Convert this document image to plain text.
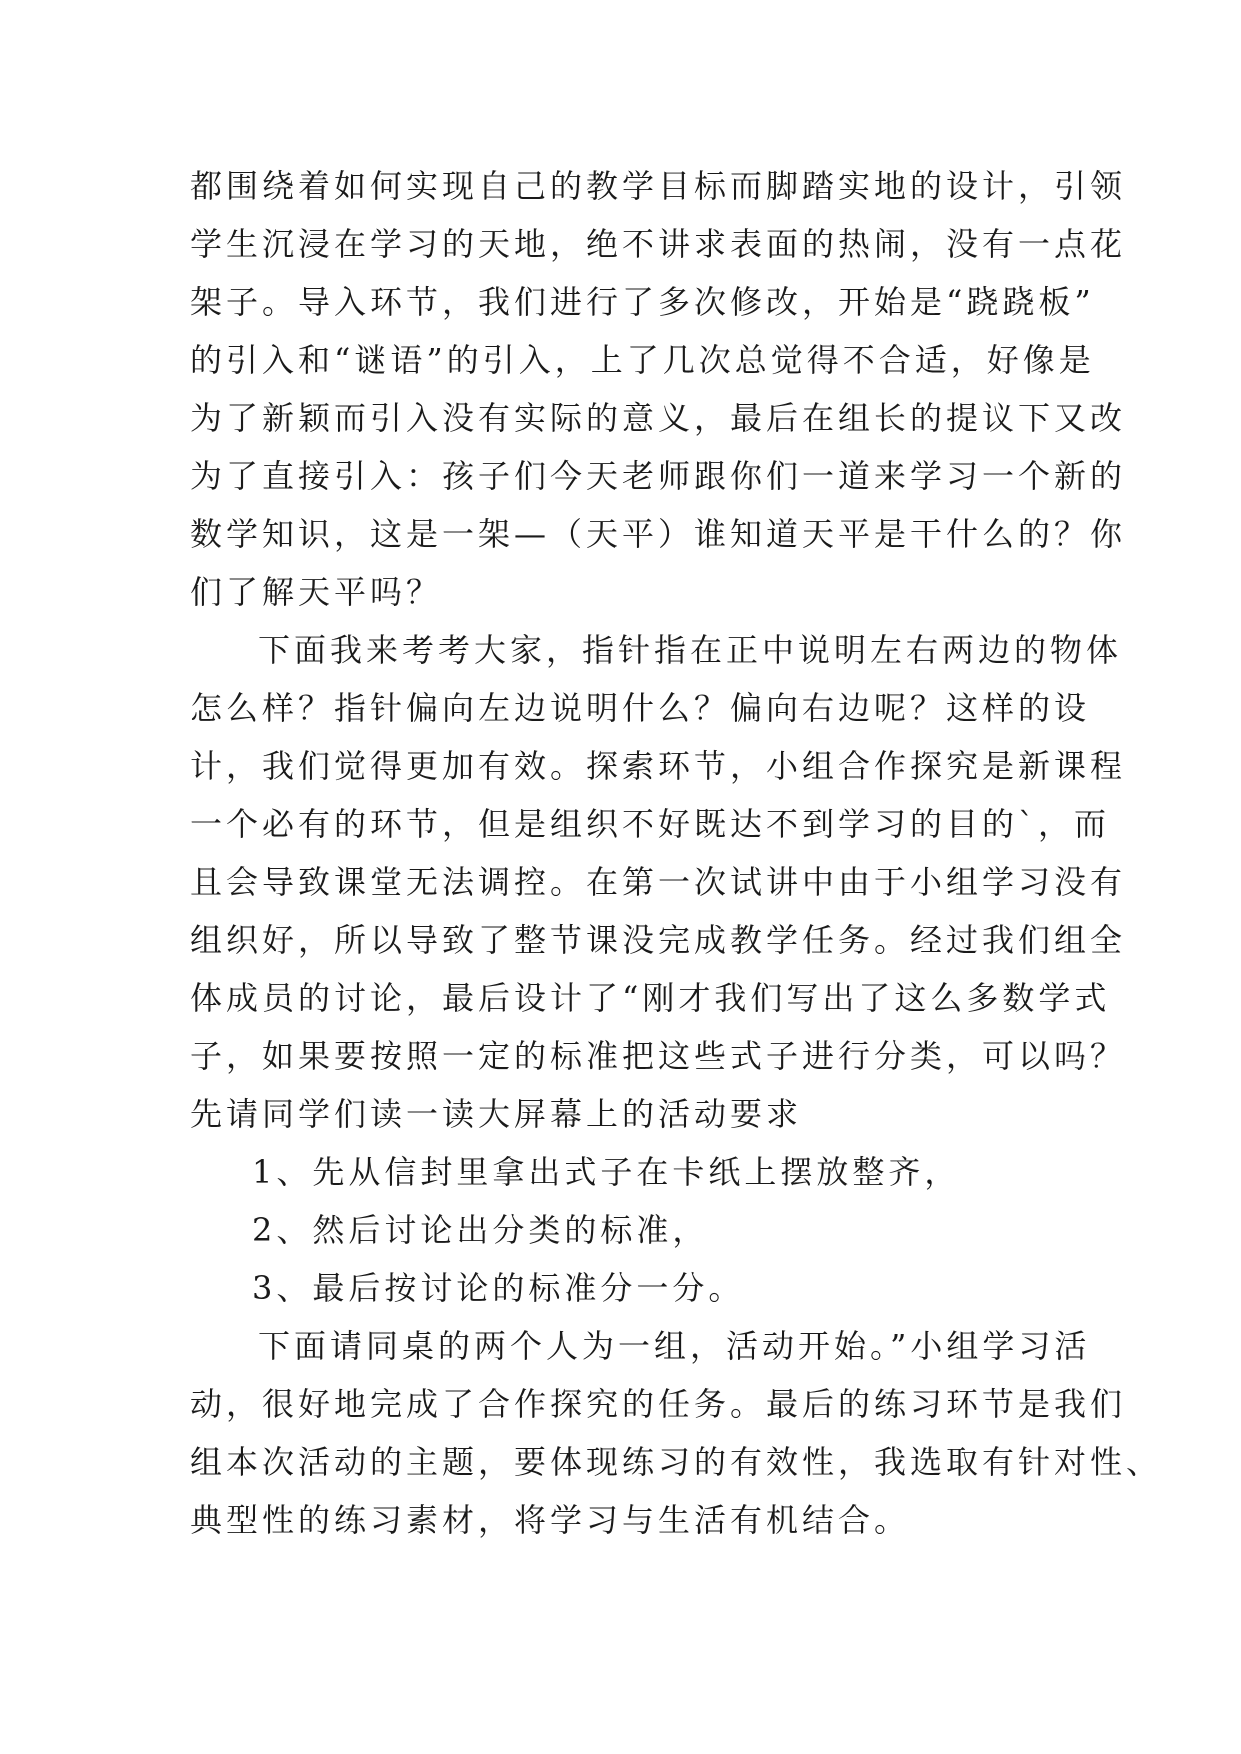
都围绕着如何实现自己的教学目标而脚踏实地的设计，引领
学生沉浸在学习的天地，绝不讲求表面的热闹，没有一点花
架子。导入环节，我们进行了多次修改，开始是“跷跷板”
的引入和“谜语”的引入，上了几次总觉得不合适，好像是
为了新颖而引入没有实际的意义，最后在组长的提议下又改
为了直接引入：孩子们今天老师跟你们一道来学习一个新的
数学知识，这是一架—（天平）谁知道天平是干什么的？你
们了解天平吗？

下面我来考考大家，指针指在正中说明左右两边的物体
怎么样？指针偏向左边说明什么？偏向右边呢？这样的设
计，我们觉得更加有效。探索环节，小组合作探究是新课程
一个必有的环节，但是组织不好既达不到学习的目的`，而
且会导致课堂无法调控。在第一次试讲中由于小组学习没有
组织好，所以导致了整节课没完成教学任务。经过我们组全
体成员的讨论，最后设计了“刚才我们写出了这么多数学式
子，如果要按照一定的标准把这些式子进行分类，可以吗？
先请同学们读一读大屏幕上的活动要求

1、先从信封里拿出式子在卡纸上摆放整齐，

2、然后讨论出分类的标准，

3、最后按讨论的标准分一分。

下面请同桌的两个人为一组，活动开始。”小组学习活
动，很好地完成了合作探究的任务。最后的练习环节是我们
组本次活动的主题，要体现练习的有效性，我选取有针对性、
典型性的练习素材，将学习与生活有机结合。
